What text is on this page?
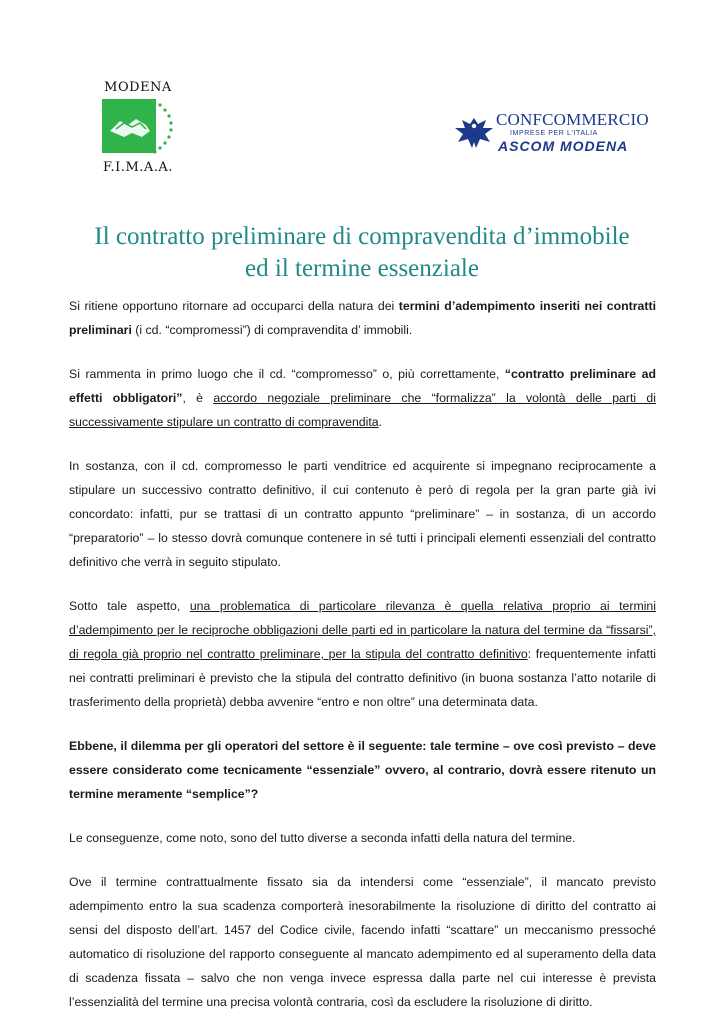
MODENA
F.I.M.A.A.
CONFCOMMERCIO
IMPRESE PER L'ITALIA
ASCOM MODENA
Il contratto preliminare di compravendita d’immobile
ed il termine essenziale

Si ritiene opportuno ritornare ad occuparci della natura dei termini d’adempimento inseriti nei contratti preliminari (i cd. “compromessi”) di compravendita d’ immobili.

Si rammenta in primo luogo che il cd. “compromesso” o, più correttamente, “contratto preliminare ad effetti obbligatori”, è accordo negoziale preliminare che “formalizza” la volontà delle parti di successivamente stipulare un contratto di compravendita.

In sostanza, con il cd. compromesso le parti venditrice ed acquirente si impegnano reciprocamente a stipulare un successivo contratto definitivo, il cui contenuto è però di regola per la gran parte già ivi concordato: infatti, pur se trattasi di un contratto appunto “preliminare” – in sostanza, di un accordo “preparatorio” – lo stesso dovrà comunque contenere in sé tutti i principali elementi essenziali del contratto definitivo che verrà in seguito stipulato.

Sotto tale aspetto, una problematica di particolare rilevanza è quella relativa proprio ai termini d’adempimento per le reciproche obbligazioni delle parti ed in particolare la natura del termine da “fissarsi”, di regola già proprio nel contratto preliminare, per la stipula del contratto definitivo: frequentemente infatti nei contratti preliminari è previsto che la stipula del contratto definitivo (in buona sostanza l’atto notarile di trasferimento della proprietà) debba avvenire “entro e non oltre” una determinata data.

Ebbene, il dilemma per gli operatori del settore è il seguente: tale termine – ove così previsto – deve essere considerato come tecnicamente “essenziale” ovvero, al contrario, dovrà essere ritenuto un termine meramente “semplice”?

Le conseguenze, come noto, sono del tutto diverse a seconda infatti della natura del termine.

Ove il termine contrattualmente fissato sia da intendersi come “essenziale”, il mancato previsto adempimento entro la sua scadenza comporterà inesorabilmente la risoluzione di diritto del contratto ai sensi del disposto dell’art. 1457 del Codice civile, facendo infatti “scattare” un meccanismo pressoché automatico di risoluzione del rapporto conseguente al mancato adempimento ed al superamento della data di scadenza fissata – salvo che non venga invece espressa dalla parte nel cui interesse è prevista l’essenzialità del termine una precisa volontà contraria, così da escludere la risoluzione di diritto.
